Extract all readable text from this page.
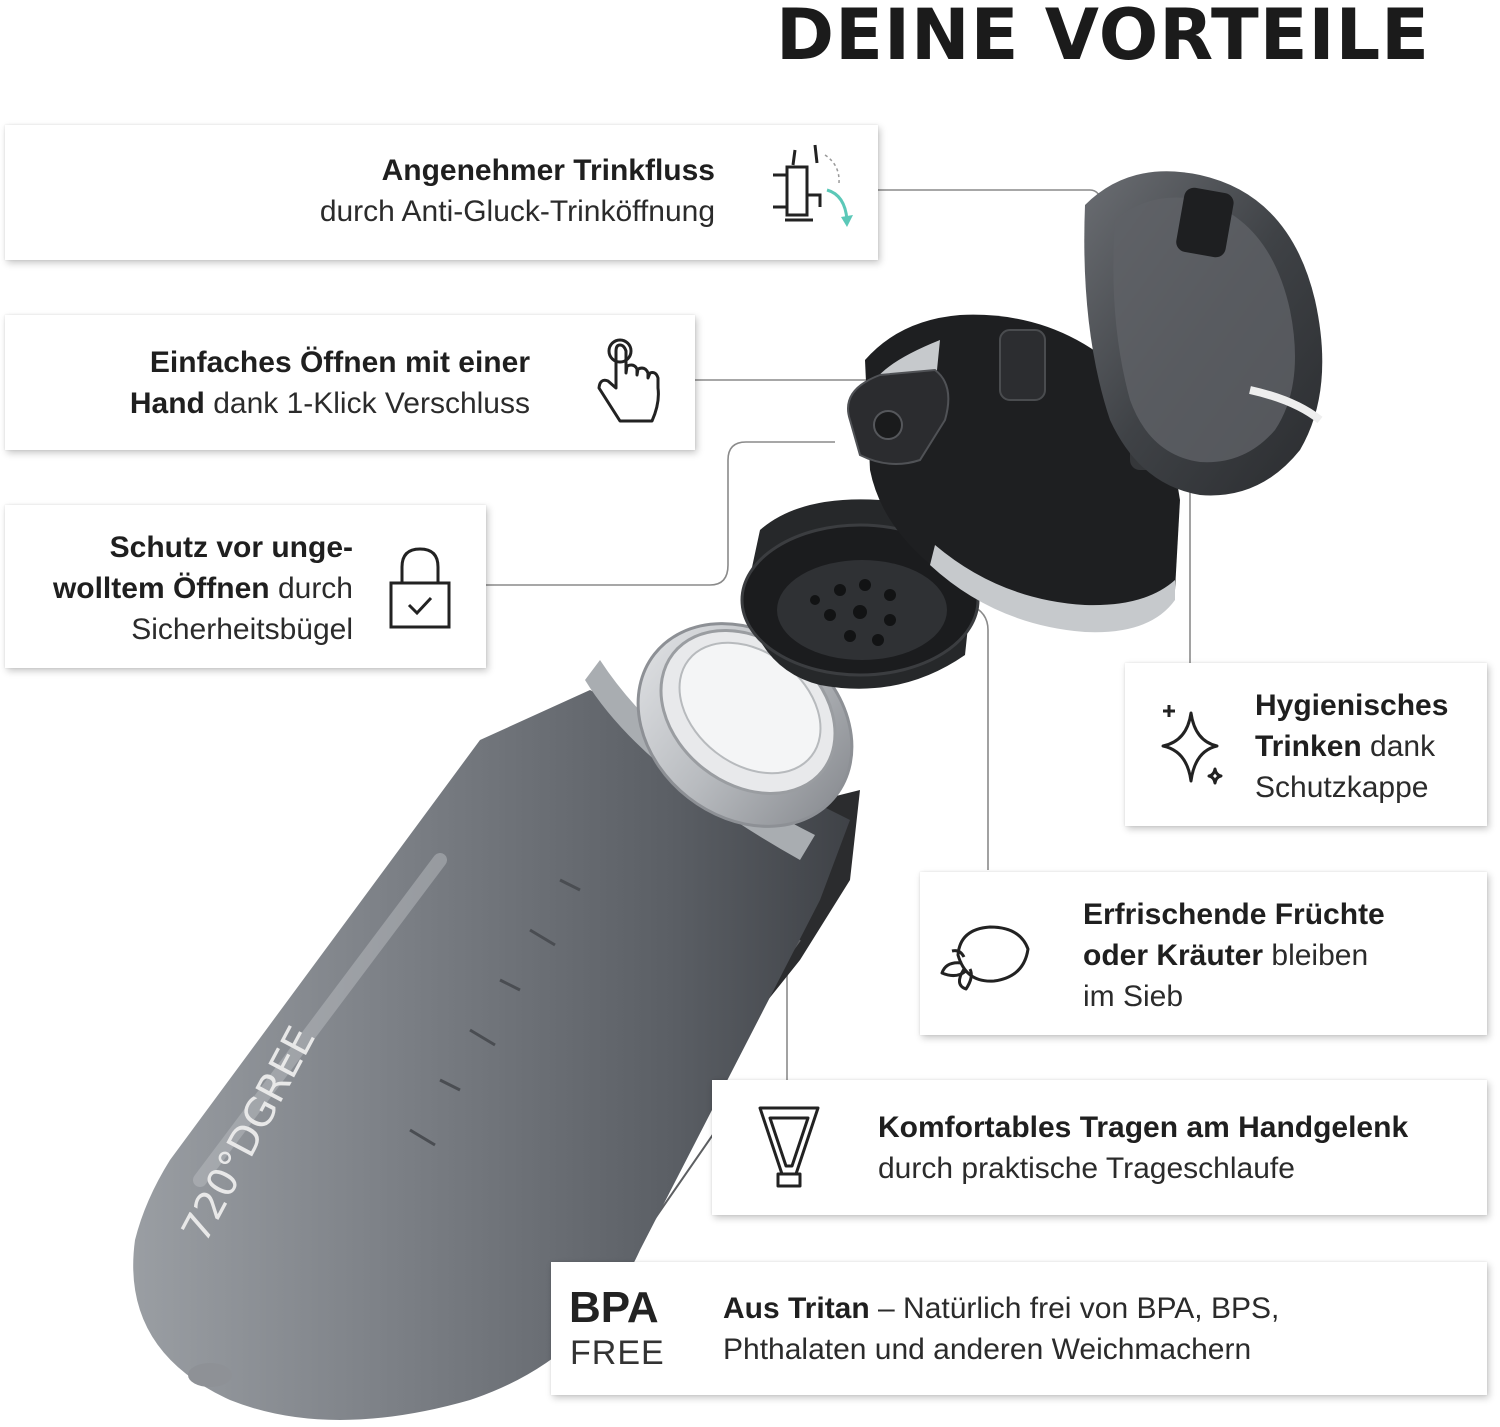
DEINE VORTEILE
720°DGREE
Angenehmer Trinkfluss
durch Anti-Gluck-Trinköffnung
Einfaches Öffnen mit einer
Hand dank 1-Klick Verschluss
Schutz vor unge-
wolltem Öffnen durch
Sicherheitsbügel
Hygienisches
Trinken dank
Schutzkappe
Erfrischende Früchte
oder Kräuter bleiben
im Sieb
Komfortables Tragen am Handgelenk
durch praktische Trageschlaufe
BPA
FREE
Aus Tritan – Natürlich frei von BPA, BPS,
Phthalaten und anderen Weichmachern
